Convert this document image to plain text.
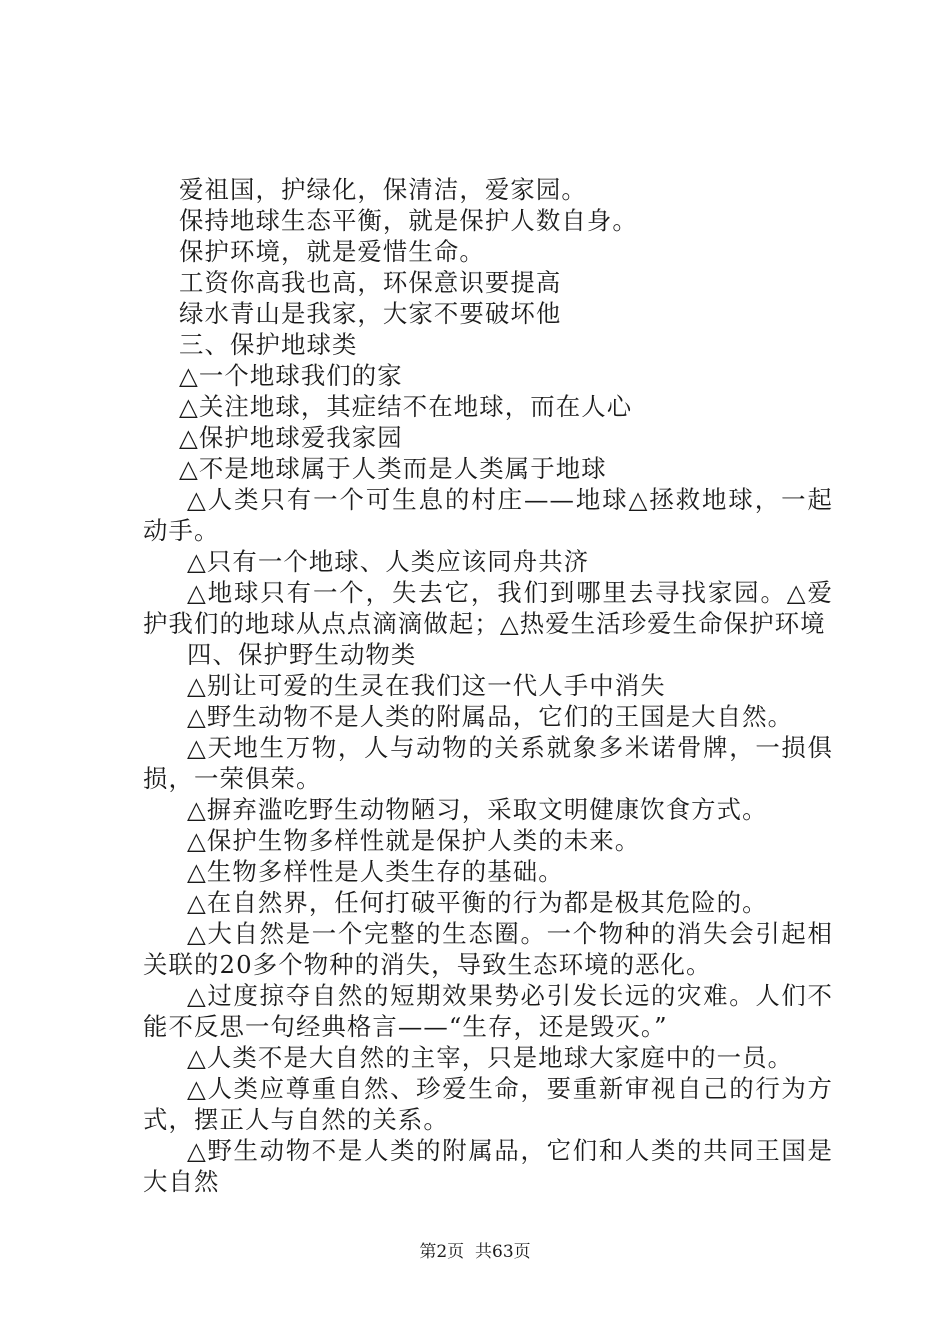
爱祖国，护绿化，保清洁，爱家园。
保持地球生态平衡，就是保护人数自身。
保护环境，就是爱惜生命。
工资你高我也高，环保意识要提高
绿水青山是我家，大家不要破坏他
三、保护地球类
△一个地球我们的家
△关注地球，其症结不在地球，而在人心
△保护地球爱我家园
△不是地球属于人类而是人类属于地球
△人类只有一个可生息的村庄——地球△拯救地球，一起动手。
△只有一个地球、人类应该同舟共济
△地球只有一个，失去它，我们到哪里去寻找家园。△爱护我们的地球从点点滴滴做起；△热爱生活珍爱生命保护环境
四、保护野生动物类
△别让可爱的生灵在我们这一代人手中消失
△野生动物不是人类的附属品，它们的王国是大自然。
△天地生万物，人与动物的关系就象多米诺骨牌，一损俱损，一荣俱荣。
△摒弃滥吃野生动物陋习，采取文明健康饮食方式。
△保护生物多样性就是保护人类的未来。
△生物多样性是人类生存的基础。
△在自然界，任何打破平衡的行为都是极其危险的。
△大自然是一个完整的生态圈。一个物种的消失会引起相关联的20多个物种的消失，导致生态环境的恶化。
△过度掠夺自然的短期效果势必引发长远的灾难。人们不能不反思一句经典格言——“生存，还是毁灭。”
△人类不是大自然的主宰，只是地球大家庭中的一员。
△人类应尊重自然、珍爱生命，要重新审视自己的行为方式，摆正人与自然的关系。
△野生动物不是人类的附属品，它们和人类的共同王国是大自然
第2页 共63页
